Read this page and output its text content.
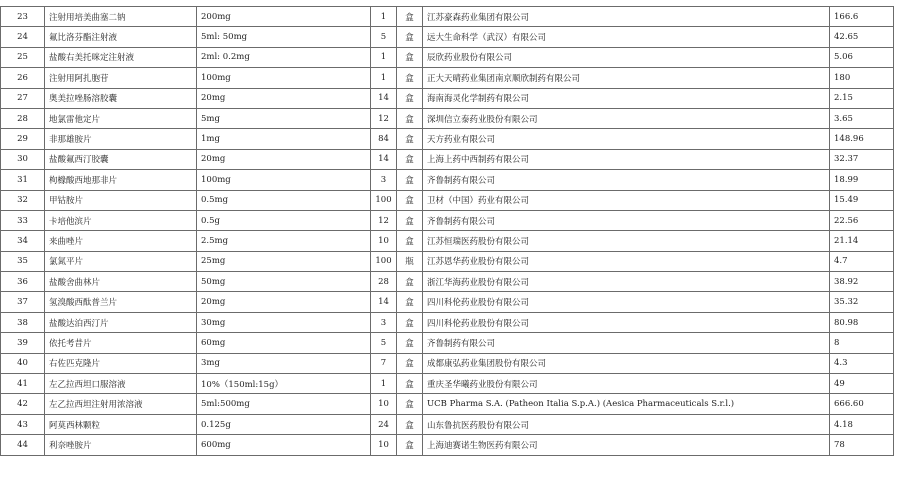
23	注射用培美曲塞二钠	200mg	1	盒	江苏豪森药业集团有限公司	166.6
24	氟比洛芬酯注射液	5ml: 50mg	5	盒	远大生命科学（武汉）有限公司	42.65
25	盐酸右美托咪定注射液	2ml: 0.2mg	1	盒	辰欣药业股份有限公司	5.06
26	注射用阿扎胞苷	100mg	1	盒	正大天晴药业集团南京顺欣制药有限公司	180
27	奥美拉唑肠溶胶囊	20mg	14	盒	海南海灵化学制药有限公司	2.15
28	地氯雷他定片	5mg	12	盒	深圳信立泰药业股份有限公司	3.65
29	非那雄胺片	1mg	84	盒	天方药业有限公司	148.96
30	盐酸氟西汀胶囊	20mg	14	盒	上海上药中西制药有限公司	32.37
31	枸橼酸西地那非片	100mg	3	盒	齐鲁制药有限公司	18.99
32	甲钴胺片	0.5mg	100	盒	卫材（中国）药业有限公司	15.49
33	卡培他滨片	0.5g	12	盒	齐鲁制药有限公司	22.56
34	来曲唑片	2.5mg	10	盒	江苏恒瑞医药股份有限公司	21.14
35	氯氮平片	25mg	100	瓶	江苏恩华药业股份有限公司	4.7
36	盐酸舍曲林片	50mg	28	盒	浙江华海药业股份有限公司	38.92
37	氢溴酸西酞普兰片	20mg	14	盒	四川科伦药业股份有限公司	35.32
38	盐酸达泊西汀片	30mg	3	盒	四川科伦药业股份有限公司	80.98
39	依托考昔片	60mg	5	盒	齐鲁制药有限公司	8
40	右佐匹克隆片	3mg	7	盒	成都康弘药业集团股份有限公司	4.3
41	左乙拉西坦口服溶液	10%（150ml:15g）	1	盒	重庆圣华曦药业股份有限公司	49
42	左乙拉西坦注射用浓溶液	5ml:500mg	10	盒	UCB Pharma S.A. (Patheon Italia S.p.A.) (Aesica Pharmaceuticals S.r.l.)	666.60
43	阿莫西林颗粒	0.125g	24	盒	山东鲁抗医药股份有限公司	4.18
44	利奈唑胺片	600mg	10	盒	上海迪赛诺生物医药有限公司	78
